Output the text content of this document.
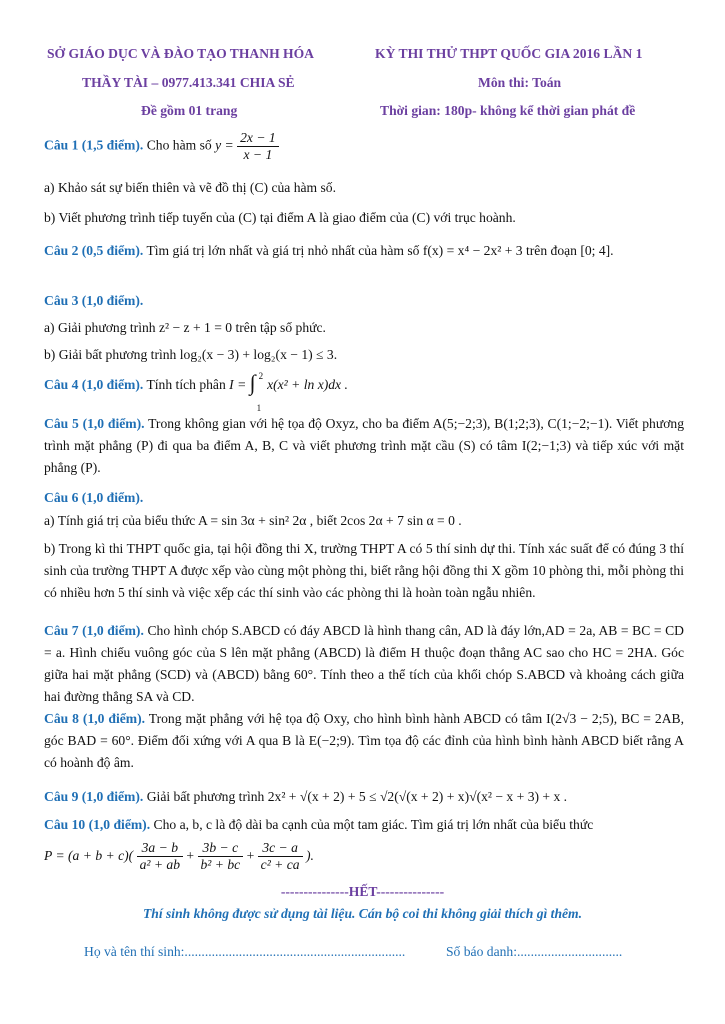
SỞ GIÁO DỤC VÀ ĐÀO TẠO THANH HÓA
THẦY TÀI – 0977.413.341 CHIA SẺ
Đề gồm 01 trang
KỲ THI THỬ THPT QUỐC GIA 2016 LẦN 1
Môn thi: Toán
Thời gian: 180p- không kể thời gian phát đề
Câu 1 (1,5 điểm). Cho hàm số $y = \frac{2x - 1}{x - 1}$
a) Khảo sát sự biến thiên và vẽ đồ thị (C) của hàm số.
b) Viết phương trình tiếp tuyến của (C) tại điểm A là giao điểm của (C) với trục hoành.
Câu 2 (0,5 điểm). Tìm giá trị lớn nhất và giá trị nhỏ nhất của hàm số f(x) = x⁴ − 2x² + 3 trên đoạn [0; 4].
Câu 3 (1,0 điểm).
a) Giải phương trình z² − z + 1 = 0 trên tập số phức.
b) Giải bất phương trình log₂(x − 3) + log₂(x − 1) ≤ 3.
Câu 4 (1,0 điểm). Tính tích phân I = ∫ 2
1
x(x² + ln x)dx .
Câu 5 (1,0 điểm). Trong không gian với hệ tọa độ Oxyz, cho ba điểm A(5;−2;3), B(1;2;3), C(1;−2;−1). Viết phương trình mặt phẳng (P) đi qua ba điểm A, B, C và viết phương trình mặt cầu (S) có tâm I(2;−1;3) và tiếp xúc với mặt phẳng (P).
Câu 6 (1,0 điểm).
a) Tính giá trị của biểu thức A = sin 3α + sin² 2α , biết 2cos 2α + 7 sin α = 0 .
b) Trong kì thi THPT quốc gia, tại hội đồng thi X, trường THPT A có 5 thí sinh dự thi. Tính xác suất để có đúng 3 thí sinh của trường THPT A được xếp vào cùng một phòng thi, biết rằng hội đồng thi X gồm 10 phòng thi, mỗi phòng thi có nhiều hơn 5 thí sinh và việc xếp các thí sinh vào các phòng thi là hoàn toàn ngẫu nhiên.
Câu 7 (1,0 điểm). Cho hình chóp S.ABCD có đáy ABCD là hình thang cân, AD là đáy lớn,AD = 2a, AB = BC = CD = a. Hình chiếu vuông góc của S lên mặt phẳng (ABCD) là điểm H thuộc đoạn thẳng AC sao cho HC = 2HA. Góc giữa hai mặt phẳng (SCD) và (ABCD) bằng 60°. Tính theo a thể tích của khối chóp S.ABCD và khoảng cách giữa hai đường thẳng SA và CD.
Câu 8 (1,0 điểm). Trong mặt phẳng với hệ tọa độ Oxy, cho hình bình hành ABCD có tâm I(2√3 − 2;5), BC = 2AB, góc BAD = 60°. Điểm đối xứng với A qua B là E(−2;9). Tìm tọa độ các đỉnh của hình bình hành ABCD biết rằng A có hoành độ âm.
Câu 9 (1,0 điểm). Giải bất phương trình 2x² + √(x + 2) + 5 ≤ √2(√(x + 2) + x)√(x² − x + 3) + x .
Câu 10 (1,0 điểm). Cho a, b, c là độ dài ba cạnh của một tam giác. Tìm giá trị lớn nhất của biểu thức
$P = (a + b + c)( \frac{3a - b}{\text{a² + ab}} + \frac{3b - c}{\text{b² + bc}} + \frac{3c - a}{\text{c² + ca}}$ ).
---------------HẾT---------------
Thí sinh không được sử dụng tài liệu. Cán bộ coi thi không giải thích gì thêm.
Họ và tên thí sinh:.................................................................	Số báo danh:...............................
